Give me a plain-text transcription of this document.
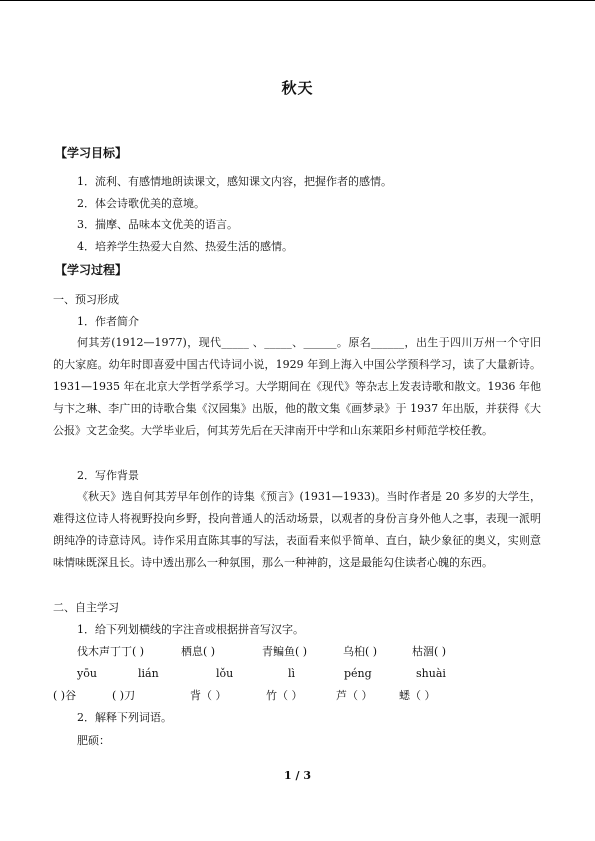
秋天
【学习目标】
1．流利、有感情地朗读课文，感知课文内容，把握作者的感情。
2．体会诗歌优美的意境。
3．揣摩、品味本文优美的语言。
4．培养学生热爱大自然、热爱生活的感情。
【学习过程】
一、预习形成
1．作者简介
何其芳(1912—1977)，现代_____ 、_____、______。原名______，出生于四川万州一个守旧的大家庭。幼年时即喜爱中国古代诗词小说，1929 年到上海入中国公学预科学习，读了大量新诗。1931—1935 年在北京大学哲学系学习。大学期间在《现代》等杂志上发表诗歌和散文。1936 年他与卞之琳、李广田的诗歌合集《汉园集》出版，他的散文集《画梦录》于 1937 年出版，并获得《大公报》文艺金奖。大学毕业后，何其芳先后在天津南开中学和山东莱阳乡村师范学校任教。
2．写作背景
《秋天》选自何其芳早年创作的诗集《预言》(1931—1933)。当时作者是 20 多岁的大学生，难得这位诗人将视野投向乡野，投向普通人的活动场景，以观者的身份言身外他人之事，表现一派明朗纯净的诗意诗风。诗作采用直陈其事的写法，表面看来似乎简单、直白，缺少象征的奥义，实则意味情味既深且长。诗中透出那么一种氛围，那么一种神韵，这是最能勾住读者心魄的东西。
二、自主学习
1．给下列划横线的字注音或根据拼音写汉字。
伐木声丁丁( )	栖息( )	青鳊鱼( )	乌桕( )	枯涸( )
yōu	lián	lǒu	lì	péng	shuài
( )谷	( )刀	背（ ）	竹（ ）	芦（ ） 蟋（ ）
2．解释下列词语。
肥硕：
1 / 3
